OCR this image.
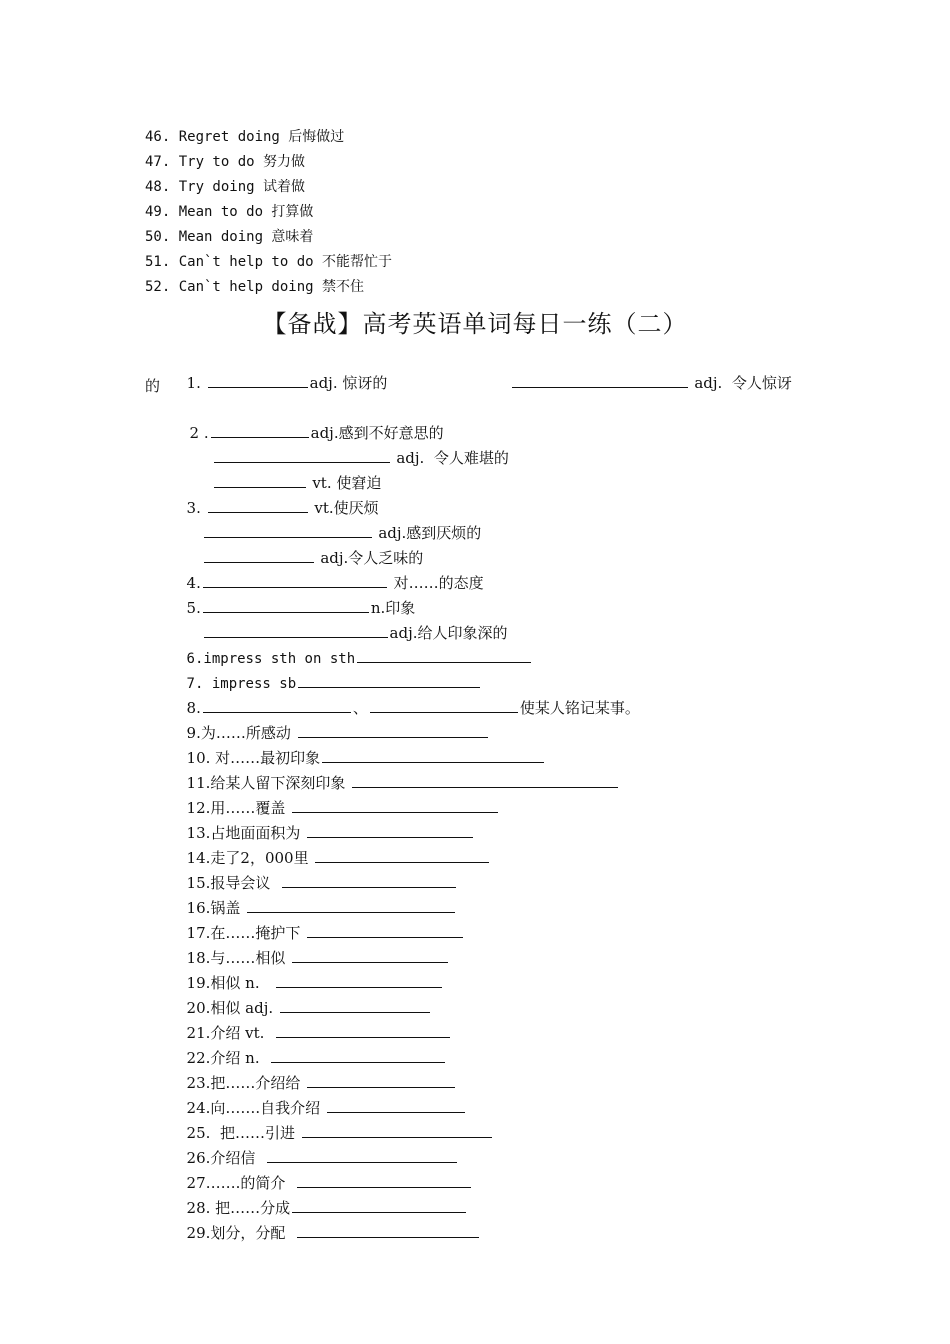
46. Regret doing 后悔做过
47. Try to do 努力做
48. Try doing 试着做
49. Mean to do 打算做
50. Mean doing 意味着
51. Can`t help to do 不能帮忙于
52. Can`t help doing 禁不住
【备战】高考英语单词每日一练（二）

1.	adj. 惊讶的	adj.  令人惊讶

的

2 .	adj.感到不好意思的

adj.  令人难堪的

vt. 使窘迫

3.	vt.使厌烦

adj.感到厌烦的

adj.令人乏味的

4.	对……的态度

5.	n.印象

adj.给人印象深的

6.impress sth on sth

7. impress sb

8.	、	使某人铭记某事。

9.为……所感动

10. 对……最初印象

11.给某人留下深刻印象

12.用……覆盖

13.占地面面积为

14.走了2，000里

15.报导会议

16.锅盖

17.在……掩护下

18.与……相似

19.相似 n.

20.相似 adj.

21.介绍 vt.

22.介绍 n.

23.把……介绍给

24.向…….自我介绍

25.  把……引进

26.介绍信

27…….的简介

28. 把……分成

29.划分，分配
